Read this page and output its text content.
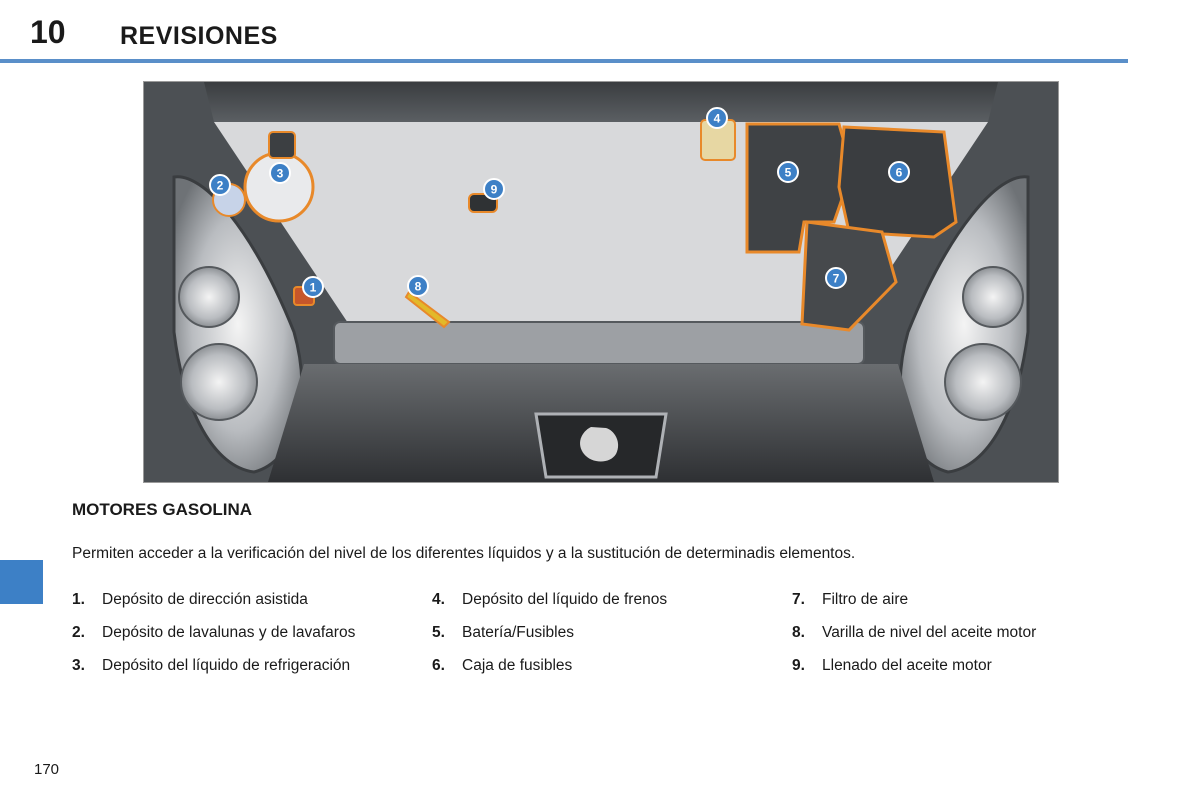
10 REVISIONES
1
2
3
4
5	6
7
8
9
MOTORES GASOLINA
Permiten acceder a la verificación del nivel de los diferentes líquidos y a la sustitución de determinadis elementos.
1. Depósito de dirección asistida
2. Depósito de lavalunas y de lavafaros
3. Depósito del líquido de refrigeración
4. Depósito del líquido de frenos
5. Batería/Fusibles
6. Caja de fusibles
7. Filtro de aire
8. Varilla de nivel del aceite motor
9. Llenado del aceite motor
170
